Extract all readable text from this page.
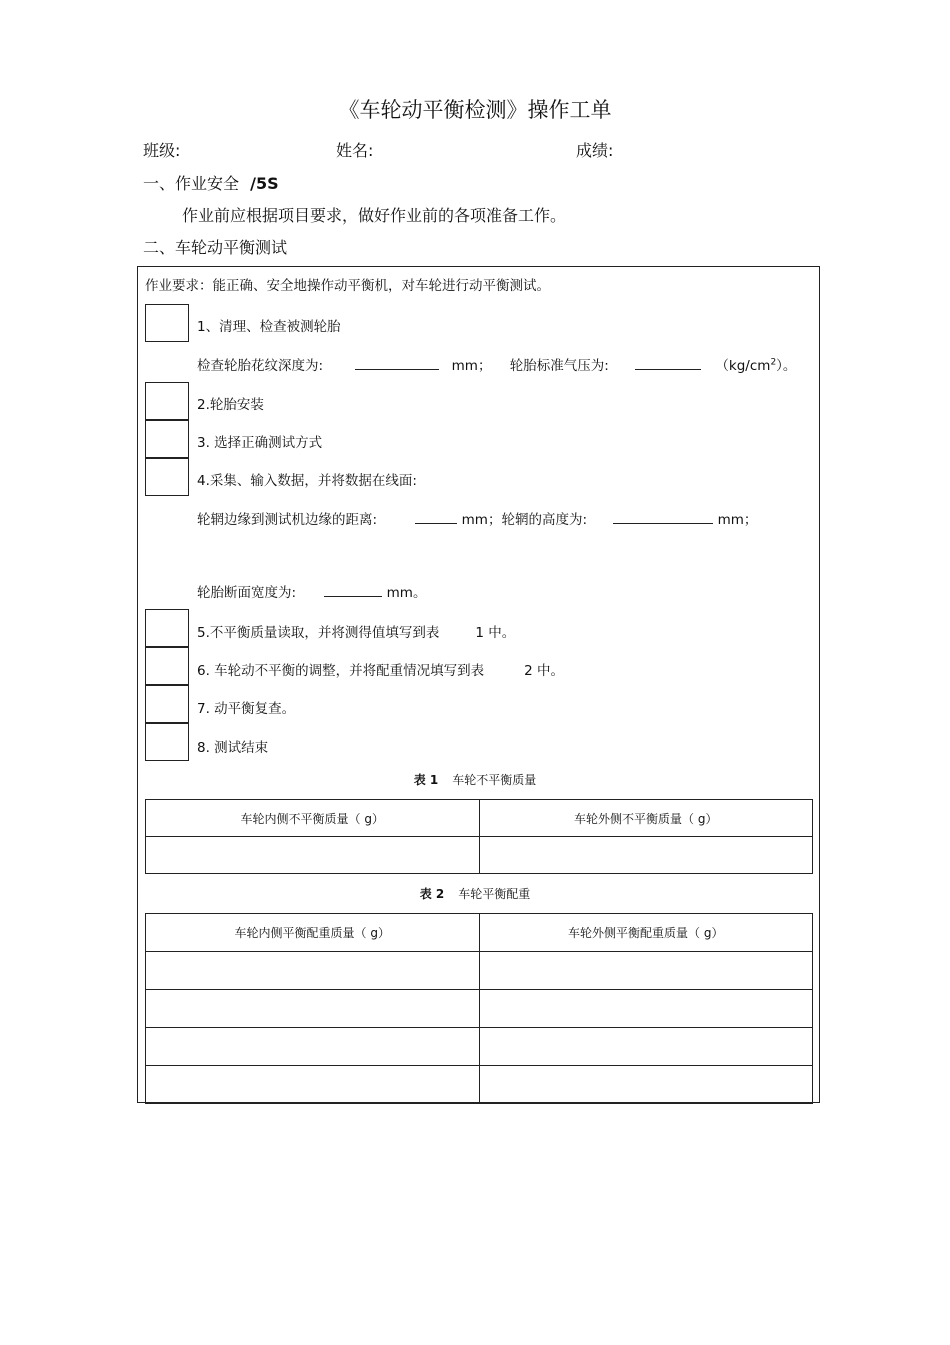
《车轮动平衡检测》操作工单
班级:	姓名:	成绩:
一、作业安全 /5S
作业前应根据项目要求，做好作业前的各项准备工作。
二、车轮动平衡测试
作业要求：能正确、安全地操作动平衡机，对车轮进行动平衡测试。
1、清理、检查被测轮胎
检查轮胎花纹深度为:	mm； 轮胎标准气压为:	$(kg/cm^2)$。
2.轮胎安装
3. 选择正确测试方式
4.采集、输入数据，并将数据在线面:
轮辋边缘到测试机边缘的距离:	mm；轮辋的高度为:	mm；
轮胎断面宽度为:	mm。
5.不平衡质量读取，并将测得值填写到表	1 中。
6. 车轮动不平衡的调整，并将配重情况填写到表	2 中。
7. 动平衡复查。
8. 测试结束
表 1 车轮不平衡质量
车轮内侧不平衡质量（ g）	车轮外侧不平衡质量（ g）

表 2 车轮平衡配重
车轮内侧平衡配重质量（ g）	车轮外侧平衡配重质量（ g）
